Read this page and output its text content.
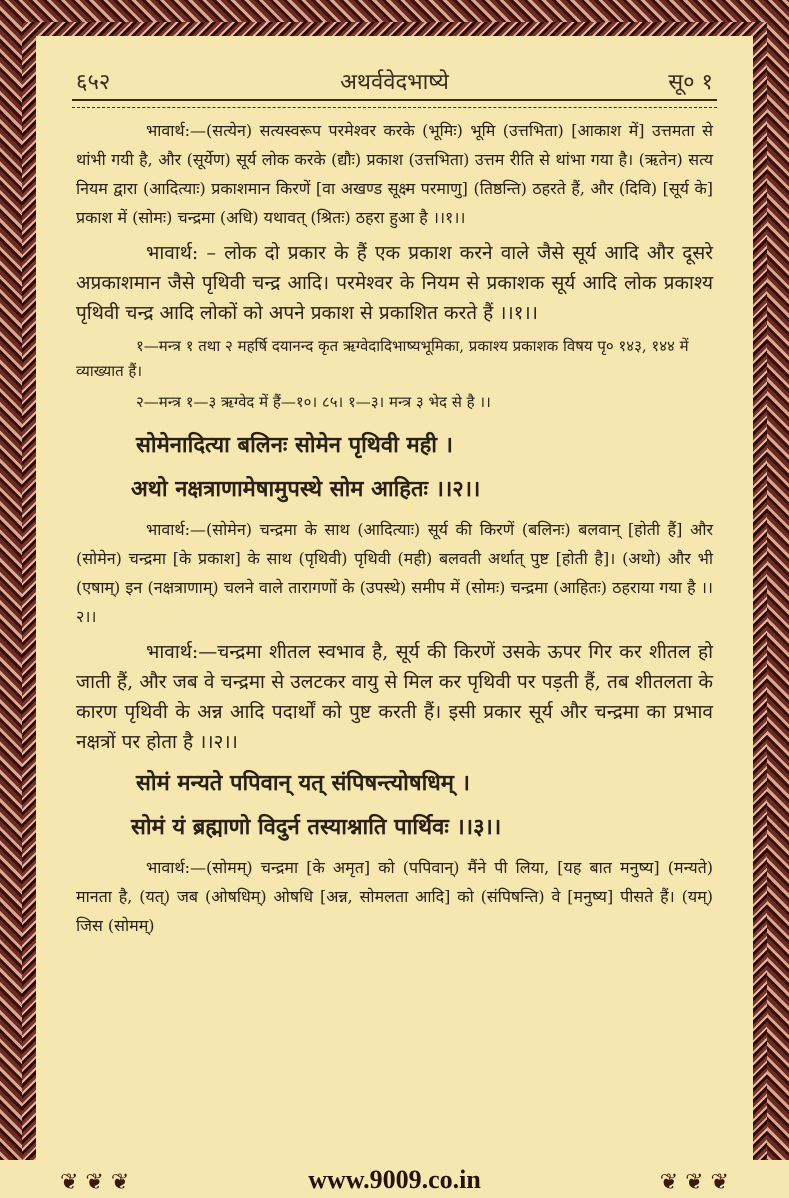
६५२	अथर्ववेदभाष्ये	सू० १

भावार्थ:—(सत्येन) सत्यस्वरूप परमेश्वर करके (भूमिः) भूमि (उत्तभिता) [आकाश में] उत्तमता से थांभी गयी है, और (सूर्येण) सूर्य लोक करके (द्यौः) प्रकाश (उत्तभिता) उत्तम रीति से थांभा गया है। (ऋतेन) सत्य नियम द्वारा (आदित्याः) प्रकाशमान किरणें [वा अखण्ड सूक्ष्म परमाणु] (तिष्ठन्ति) ठहरते हैं, और (दिवि) [सूर्य के] प्रकाश में (सोमः) चन्द्रमा (अधि) यथावत् (श्रितः) ठहरा हुआ है ।।१।।

भावार्थ: – लोक दो प्रकार के हैं एक प्रकाश करने वाले जैसे सूर्य आदि और दूसरे अप्रकाशमान जैसे पृथिवी चन्द्र आदि। परमेश्वर के नियम से प्रकाशक सूर्य आदि लोक प्रकाश्य पृथिवी चन्द्र आदि लोकों को अपने प्रकाश से प्रकाशित करते हैं ।।१।।

१—मन्त्र १ तथा २ महर्षि दयानन्द कृत ऋग्वेदादिभाष्यभूमिका, प्रकाश्य प्रकाशक विषय पृ० १४३, १४४ में व्याख्यात हैं।

२—मन्त्र १—३ ऋग्वेद में हैं—१०। ८५। १—३। मन्त्र ३ भेद से है ।।

सोमेनादित्या बलिनः सोमेन पृथिवी मही ।
अथो नक्षत्राणामेषामुपस्थे सोम आहितः ।।२।।

भावार्थ:—(सोमेन) चन्द्रमा के साथ (आदित्याः) सूर्य की किरणें (बलिनः) बलवान् [होती हैं] और (सोमेन) चन्द्रमा [के प्रकाश] के साथ (पृथिवी) पृथिवी (मही) बलवती अर्थात् पुष्ट [होती है]। (अथो) और भी (एषाम्) इन (नक्षत्राणाम्) चलने वाले तारागणों के (उपस्थे) समीप में (सोमः) चन्द्रमा (आहितः) ठहराया गया है ।।२।।

भावार्थ:—चन्द्रमा शीतल स्वभाव है, सूर्य की किरणें उसके ऊपर गिर कर शीतल हो जाती हैं, और जब वे चन्द्रमा से उलटकर वायु से मिल कर पृथिवी पर पड़ती हैं, तब शीतलता के कारण पृथिवी के अन्न आदि पदार्थों को पुष्ट करती हैं। इसी प्रकार सूर्य और चन्द्रमा का प्रभाव नक्षत्रों पर होता है ।।२।।

सोमं मन्यते पपिवान् यत् संपिषन्त्योषधिम् ।
सोमं यं ब्रह्माणो विदुर्न तस्याश्नाति पार्थिवः ।।३।।

भावार्थ:—(सोमम्) चन्द्रमा [के अमृत] को (पपिवान्) मैंने पी लिया, [यह बात मनुष्य] (मन्यते) मानता है, (यत्) जब (ओषधिम्) ओषधि [अन्न, सोमलता आदि] को (संपिषन्ति) वे [मनुष्य] पीसते हैं। (यम्) जिस (सोमम्)

❦ ❦ ❦	❦ ❦ ❦
www.9009.co.in
